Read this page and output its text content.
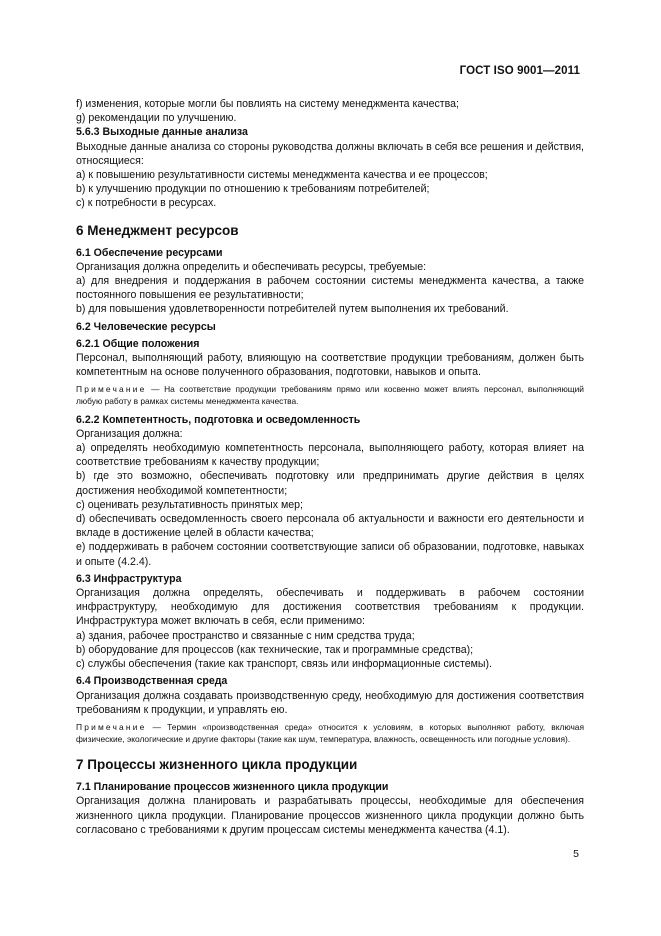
ГОСТ ISO 9001—2011

f) изменения, которые могли бы повлиять на систему менеджмента качества;

g) рекомендации по улучшению.

5.6.3 Выходные данные анализа

Выходные данные анализа со стороны руководства должны включать в себя все решения и действия, относящиеся:

a) к повышению результативности системы менеджмента качества и ее процессов;

b) к улучшению продукции по отношению к требованиям потребителей;

c) к потребности в ресурсах.

6 Менеджмент ресурсов

6.1 Обеспечение ресурсами

Организация должна определить и обеспечивать ресурсы, требуемые:

a) для внедрения и поддержания в рабочем состоянии системы менеджмента качества, а также постоянного повышения ее результативности;

b) для повышения удовлетворенности потребителей путем выполнения их требований.

6.2 Человеческие ресурсы

6.2.1 Общие положения

Персонал, выполняющий работу, влияющую на соответствие продукции требованиям, должен быть компетентным на основе полученного образования, подготовки, навыков и опыта.

Примечание — На соответствие продукции требованиям прямо или косвенно может влиять персонал, выполняющий любую работу в рамках системы менеджмента качества.

6.2.2 Компетентность, подготовка и осведомленность

Организация должна:

a) определять необходимую компетентность персонала, выполняющего работу, которая влияет на соответствие требованиям к качеству продукции;

b) где это возможно, обеспечивать подготовку или предпринимать другие действия в целях достижения необходимой компетентности;

c) оценивать результативность принятых мер;

d) обеспечивать осведомленность своего персонала об актуальности и важности его деятельности и вкладе в достижение целей в области качества;

e) поддерживать в рабочем состоянии соответствующие записи об образовании, подготовке, навыках и опыте (4.2.4).

6.3 Инфраструктура

Организация должна определять, обеспечивать и поддерживать в рабочем состоянии инфраструктуру, необходимую для достижения соответствия требованиям к продукции. Инфраструктура может включать в себя, если применимо:

a) здания, рабочее пространство и связанные с ним средства труда;

b) оборудование для процессов (как технические, так и программные средства);

c) службы обеспечения (такие как транспорт, связь или информационные системы).

6.4 Производственная среда

Организация должна создавать производственную среду, необходимую для достижения соответствия требованиям к продукции, и управлять ею.

Примечание — Термин «производственная среда» относится к условиям, в которых выполняют работу, включая физические, экологические и другие факторы (такие как шум, температура, влажность, освещенность или погодные условия).

7 Процессы жизненного цикла продукции

7.1 Планирование процессов жизненного цикла продукции

Организация должна планировать и разрабатывать процессы, необходимые для обеспечения жизненного цикла продукции. Планирование процессов жизненного цикла продукции должно быть согласовано с требованиями к другим процессам системы менеджмента качества (4.1).

5
